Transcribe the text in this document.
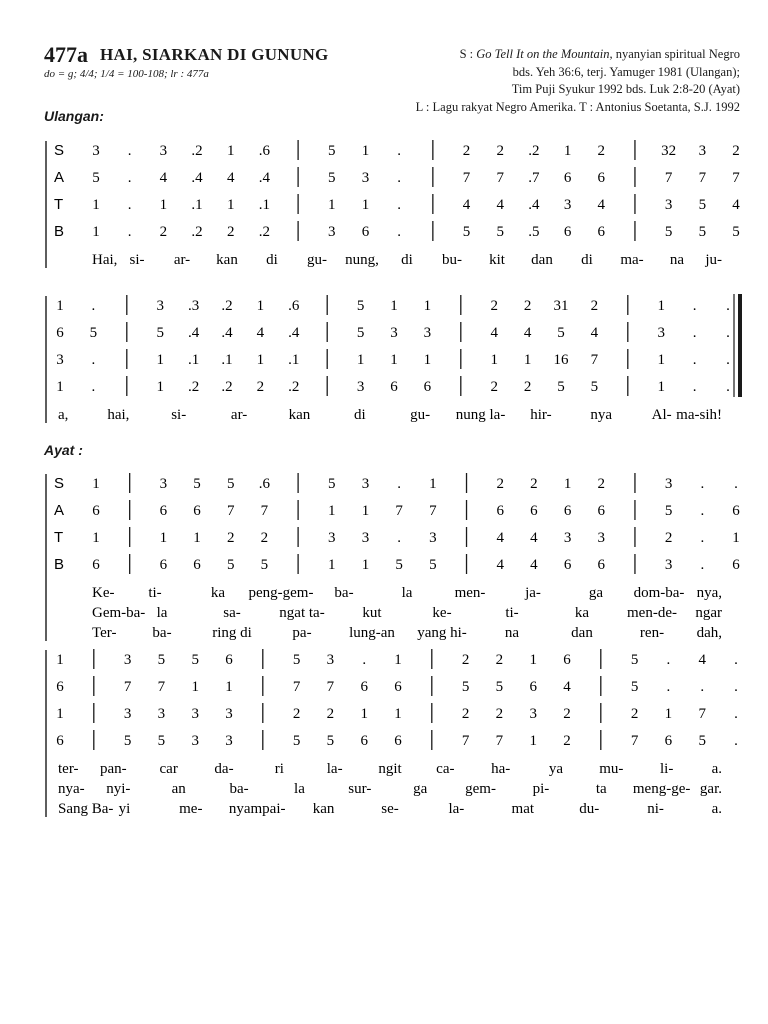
477a HAI, SIARKAN DI GUNUNG
do = g; 4/4; 1/4 = 100-108; lr : 477a
S : Go Tell It on the Mountain, nyanyian spiritual Negro
bds. Yeh 36:6, terj. Yamuger 1981 (Ulangan);
Tim Puji Syukur 1992 bds. Luk 2:8-20 (Ayat)
L : Lagu rakyat Negro Amerika. T : Antonius Soetanta, S.J. 1992
Ulangan:
Ayat :
S
A
T
B
3 . 3 .2 1 .6	5 1 .	2 2 .2 1 2	32 3 2
5 . 4 .4 4 .4	5 3 .	7 7 .7 6 6	7 7 7
1 . 1 .1 1 .1	1 1 .	4 4 .4 3 4	3 5 4
1 . 2 .2 2 .2	3 6 .	5 5 .5 6 6	5 5 5
Hai, si- ar- kan di gu- nung, di bu- kit dan di ma- na ju-
1 .	3 .3 .2 1 .6	5 1 1	2 2 31 2	1 . .
6 5	5 .4 .4 4 .4	5 3 3	4 4 5 4	3 . .
3 .	1 .1 .1 1 .1	1 1 1	1 1 16 7	1 . .
1 .	1 .2 .2 2 .2	3 6 6	2 2 5 5	1 . .
a,	hai,	si-	ar-	kan	di	gu- nung la- hir-	nya	Al- ma-sih!
S
A
T
B
1	3 5 5 .6	5 3 . 1	2 2 1 2	3 . .
6	6 6 7 7	1 1 7 7	6 6 6 6	5 . 6
1	1 1 2 2	3 3 . 3	4 4 3 3	2 . 1
6	6 6 5 5	1 1 5 5	4 4 6 6	3 . 6
Ke- ti-	ka peng-gem- ba-	la	men-	ja-	ga dom-ba- nya,
Gem-ba- la	sa-	ngat ta-	kut	ke-	ti-	ka	men-de- ngar
Ter- ba-	ring di	pa-	lung-an yang hi-	na	dan	ren- dah,
1	3 5 5 6	5 3 . 1	2 2 1 6	5 . 4 .
6	7 7 1 1	7 7 6 6	5 5 6 4	5 . . .
1	3 3 3 3	2 2 1 1	2 2 3 2	2 1 7 .
6	5 5 3 3	5 5 6 6	7 7 1 2	7 6 5 .
ter- pan- car da-	ri	la- ngit ca- ha-	ya mu- li-	a.
nya- nyi-	an	ba-	la	sur-	ga	gem- pi-	ta meng-ge- gar.
Sang Ba- yi	me- nyampai- kan	se-	la-	mat	du-	ni-	a.
